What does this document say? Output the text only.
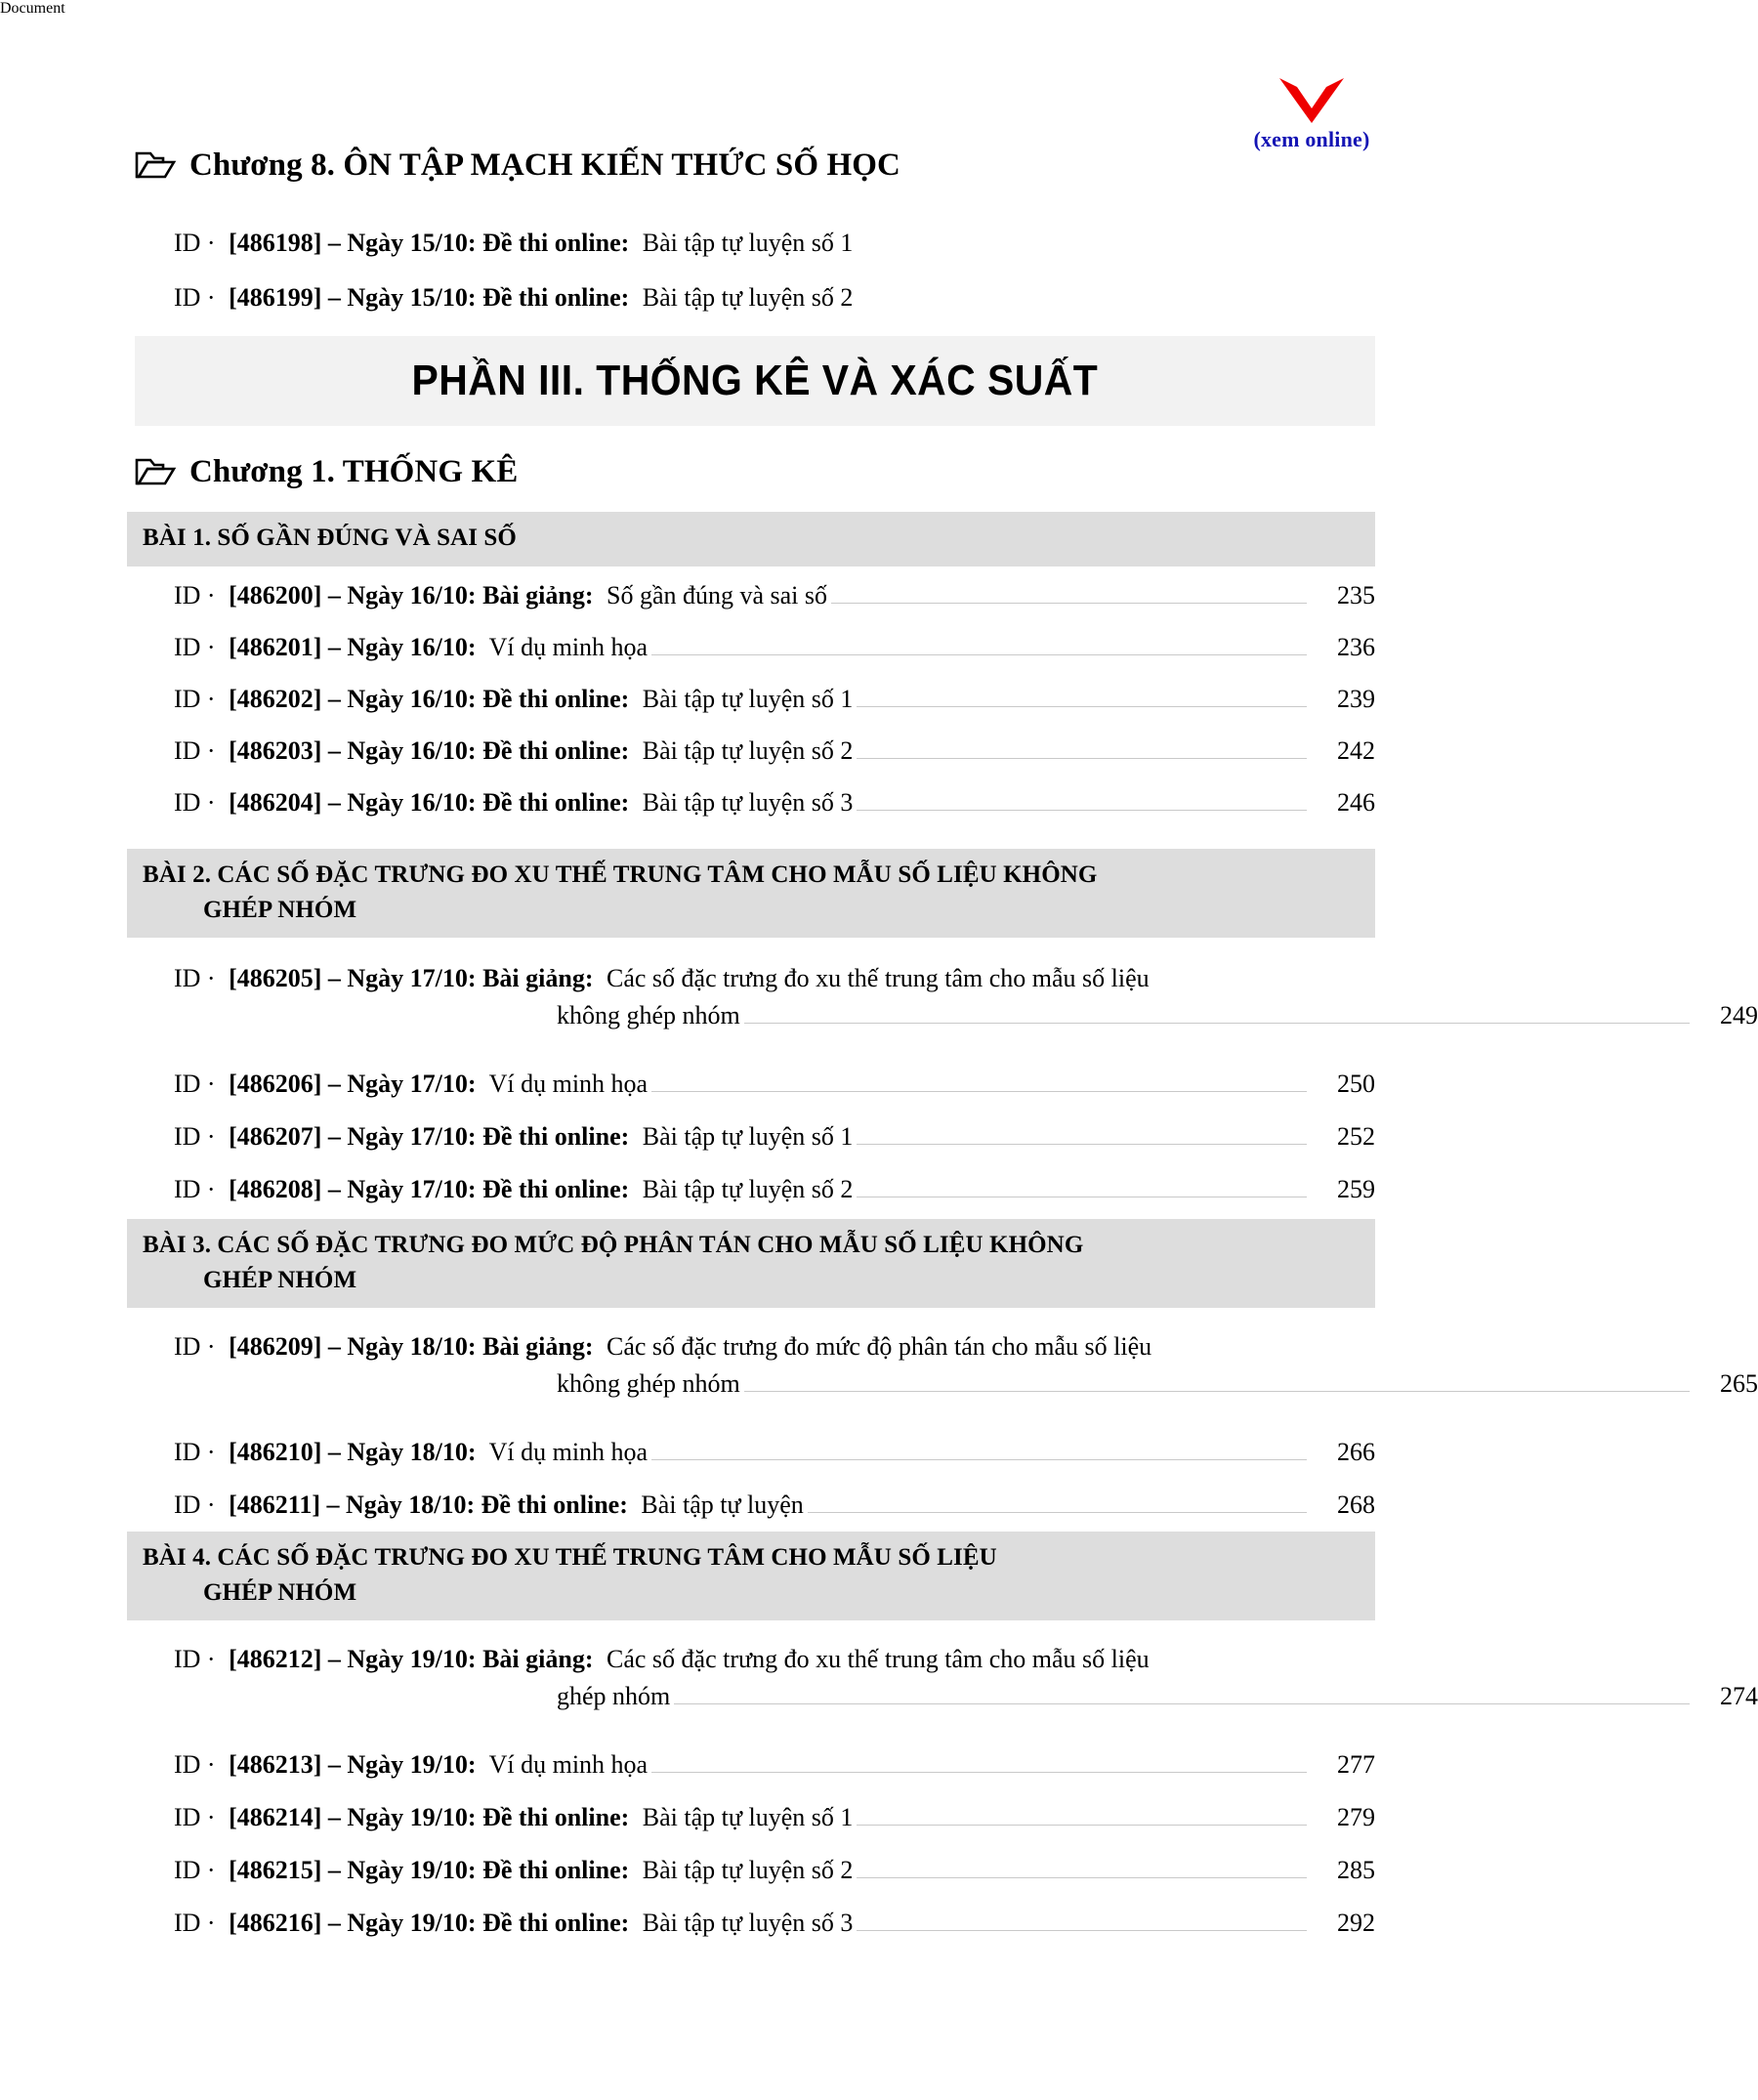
(xem online)
Chương 8. ÔN TẬP MẠCH KIẾN THỨC SỐ HỌC
ID · [486198] – Ngày 15/10: Đề thi online: Bài tập tự luyện số 1
ID · [486199] – Ngày 15/10: Đề thi online: Bài tập tự luyện số 2
PHẦN III. THỐNG KÊ VÀ XÁC SUẤT
Chương 1. THỐNG KÊ
BÀI 1. SỐ GẦN ĐÚNG VÀ SAI SỐ
ID · [486200] – Ngày 16/10: Bài giảng: Số gần đúng và sai số	235
ID · [486201] – Ngày 16/10: Ví dụ minh họa	236
ID · [486202] – Ngày 16/10: Đề thi online: Bài tập tự luyện số 1	239
ID · [486203] – Ngày 16/10: Đề thi online: Bài tập tự luyện số 2	242
ID · [486204] – Ngày 16/10: Đề thi online: Bài tập tự luyện số 3	246
BÀI 2. CÁC SỐ ĐẶC TRƯNG ĐO XU THẾ TRUNG TÂM CHO MẪU SỐ LIỆU KHÔNG
GHÉP NHÓM
ID · [486205] – Ngày 17/10: Bài giảng: Các số đặc trưng đo xu thế trung tâm cho mẫu số liệu
không ghép nhóm	249
ID · [486206] – Ngày 17/10: Ví dụ minh họa	250
ID · [486207] – Ngày 17/10: Đề thi online: Bài tập tự luyện số 1	252
ID · [486208] – Ngày 17/10: Đề thi online: Bài tập tự luyện số 2	259
BÀI 3. CÁC SỐ ĐẶC TRƯNG ĐO MỨC ĐỘ PHÂN TÁN CHO MẪU SỐ LIỆU KHÔNG
GHÉP NHÓM
ID · [486209] – Ngày 18/10: Bài giảng: Các số đặc trưng đo mức độ phân tán cho mẫu số liệu
không ghép nhóm	265
ID · [486210] – Ngày 18/10: Ví dụ minh họa	266
ID · [486211] – Ngày 18/10: Đề thi online: Bài tập tự luyện	268
BÀI 4. CÁC SỐ ĐẶC TRƯNG ĐO XU THẾ TRUNG TÂM CHO MẪU SỐ LIỆU
GHÉP NHÓM
ID · [486212] – Ngày 19/10: Bài giảng: Các số đặc trưng đo xu thế trung tâm cho mẫu số liệu
ghép nhóm	274
ID · [486213] – Ngày 19/10: Ví dụ minh họa	277
ID · [486214] – Ngày 19/10: Đề thi online: Bài tập tự luyện số 1	279
ID · [486215] – Ngày 19/10: Đề thi online: Bài tập tự luyện số 2	285
ID · [486216] – Ngày 19/10: Đề thi online: Bài tập tự luyện số 3	292
Document
